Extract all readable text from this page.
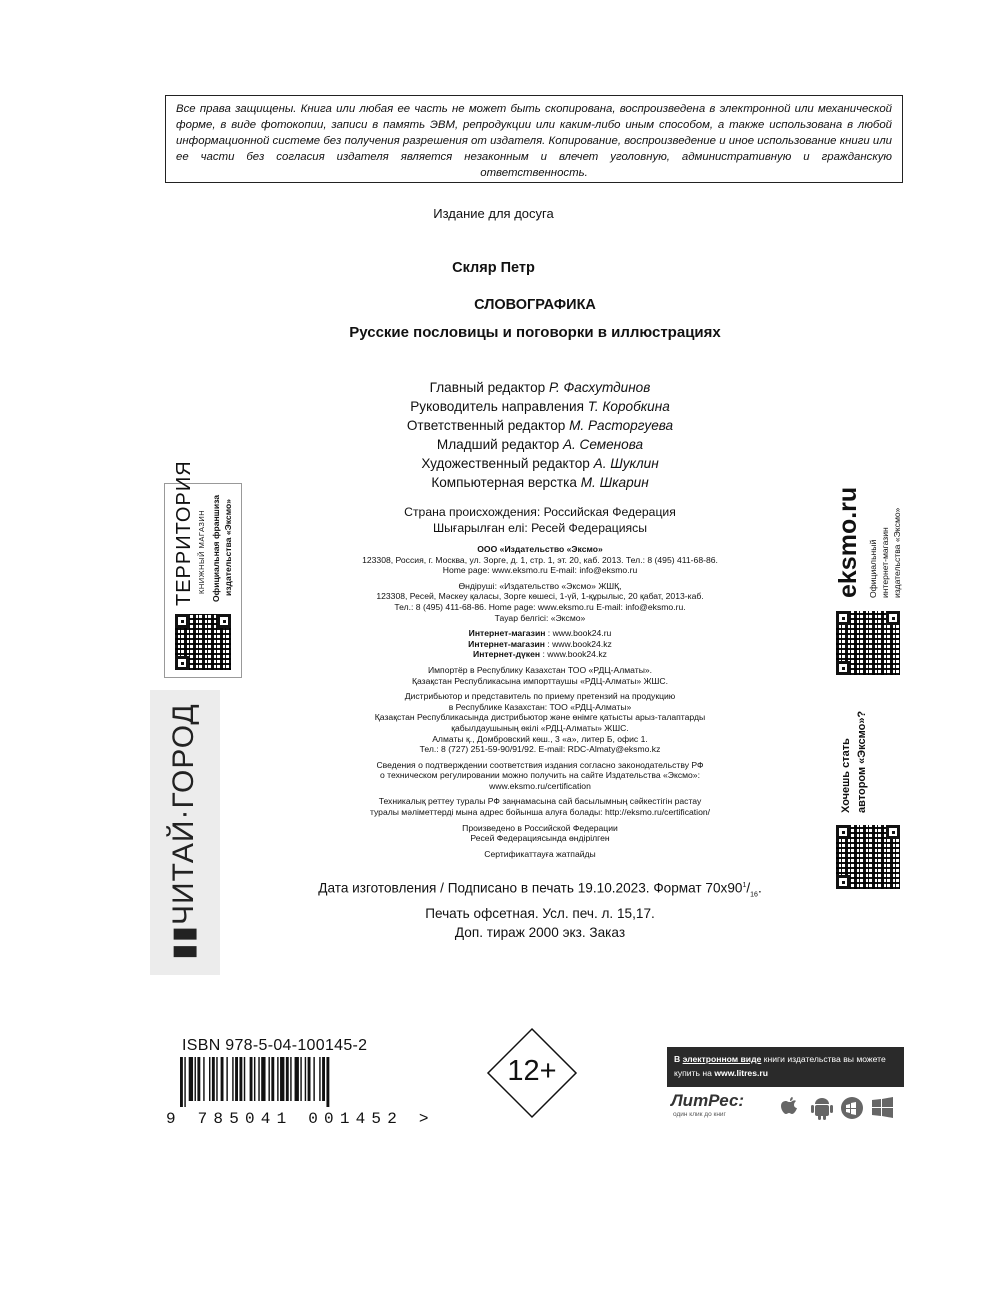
Все права защищены. Книга или любая ее часть не может быть скопирована, воспроизведена в электронной или механической форме, в виде фотокопии, записи в память ЭВМ, репродукции или каким-либо иным способом, а также использована в любой информационной системе без получения разрешения от издателя. Копирование, воспроизведение и иное использование книги или ее части без согласия издателя является незаконным и влечет уголовную, административную и гражданскую ответственность.
Издание для досуга
Скляр Петр
СЛОВОГРАФИКА
Русские пословицы и поговорки в иллюстрациях
Главный редактор Р. Фасхутдинов
Руководитель направления Т. Коробкина
Ответственный редактор М. Расторгуева
Младший редактор А. Семенова
Художественный редактор А. Шуклин
Компьютерная верстка М. Шкарин
Страна происхождения: Российская Федерация
Шығарылған елі: Ресей Федерациясы

ООО «Издательство «Эксмо»
123308, Россия, г. Москва, ул. Зорге, д. 1, стр. 1, эт. 20, каб. 2013. Тел.: 8 (495) 411-68-86.
Home page: www.eksmo.ru E-mail: info@eksmo.ru

Өндіруші: «Издательство «Эксмо» ЖШҚ,
123308, Ресей, Мәскеу қаласы, Зорге көшесі, 1-үй, 1-құрылыс, 20 қабат, 2013-каб.
Тел.: 8 (495) 411-68-86. Home page: www.eksmo.ru E-mail: info@eksmo.ru.
Тауар белгісі: «Эксмо»

Интернет-магазин : www.book24.ru
Интернет-магазин : www.book24.kz
Интернет-дүкен : www.book24.kz

Импортёр в Республику Казахстан ТОО «РДЦ-Алматы».
Қазақстан Республикасына импорттаушы «РДЦ-Алматы» ЖШС.

Дистрибьютор и представитель по приему претензий на продукцию
в Республике Казахстан: ТОО «РДЦ-Алматы»
Қазақстан Республикасында дистрибьютор және өнімге қатысты арыз-талаптарды
қабылдаушының өкілі «РДЦ-Алматы» ЖШС.
Алматы қ., Домбровский көш., 3 «а», литер Б, офис 1.
Тел.: 8 (727) 251-59-90/91/92. E-mail: RDC-Almaty@eksmo.kz

Сведения о подтверждении соответствия издания согласно законодательству РФ
о техническом регулировании можно получить на сайте Издательства «Эксмо»:
www.eksmo.ru/certification

Техникалық реттеу туралы РФ заңнамасына сай басылымның сәйкестігін растау
туралы мәліметтерді мына адрес бойынша алуға болады: http://eksmo.ru/certification/

Произведено в Российской Федерации
Ресей Федерациясында өндірілген

Сертификаттауға жатпайды

Дата изготовления / Подписано в печать 19.10.2023. Формат $70x90^1/_{16}$.
Печать офсетная. Усл. печ. л. 15,17.
Доп. тираж 2000 экз. Заказ
ТЕРРИТОРИЯ КНИЖНЫЙ МАГАЗИН Официальная франшиза издательства «Эксмо»
▮▮ЧИТАЙ·ГОРОД
eksmo.ru Официальный интернет-магазин издательства «Эксмо»
Хочешь стать автором «Эксмо»?
ISBN 978-5-04-100145-2
9 785041 001452 >
12+	В электронном виде книги издательства вы можете купить на www.litres.ru
ЛитРес:
один клик до книг
